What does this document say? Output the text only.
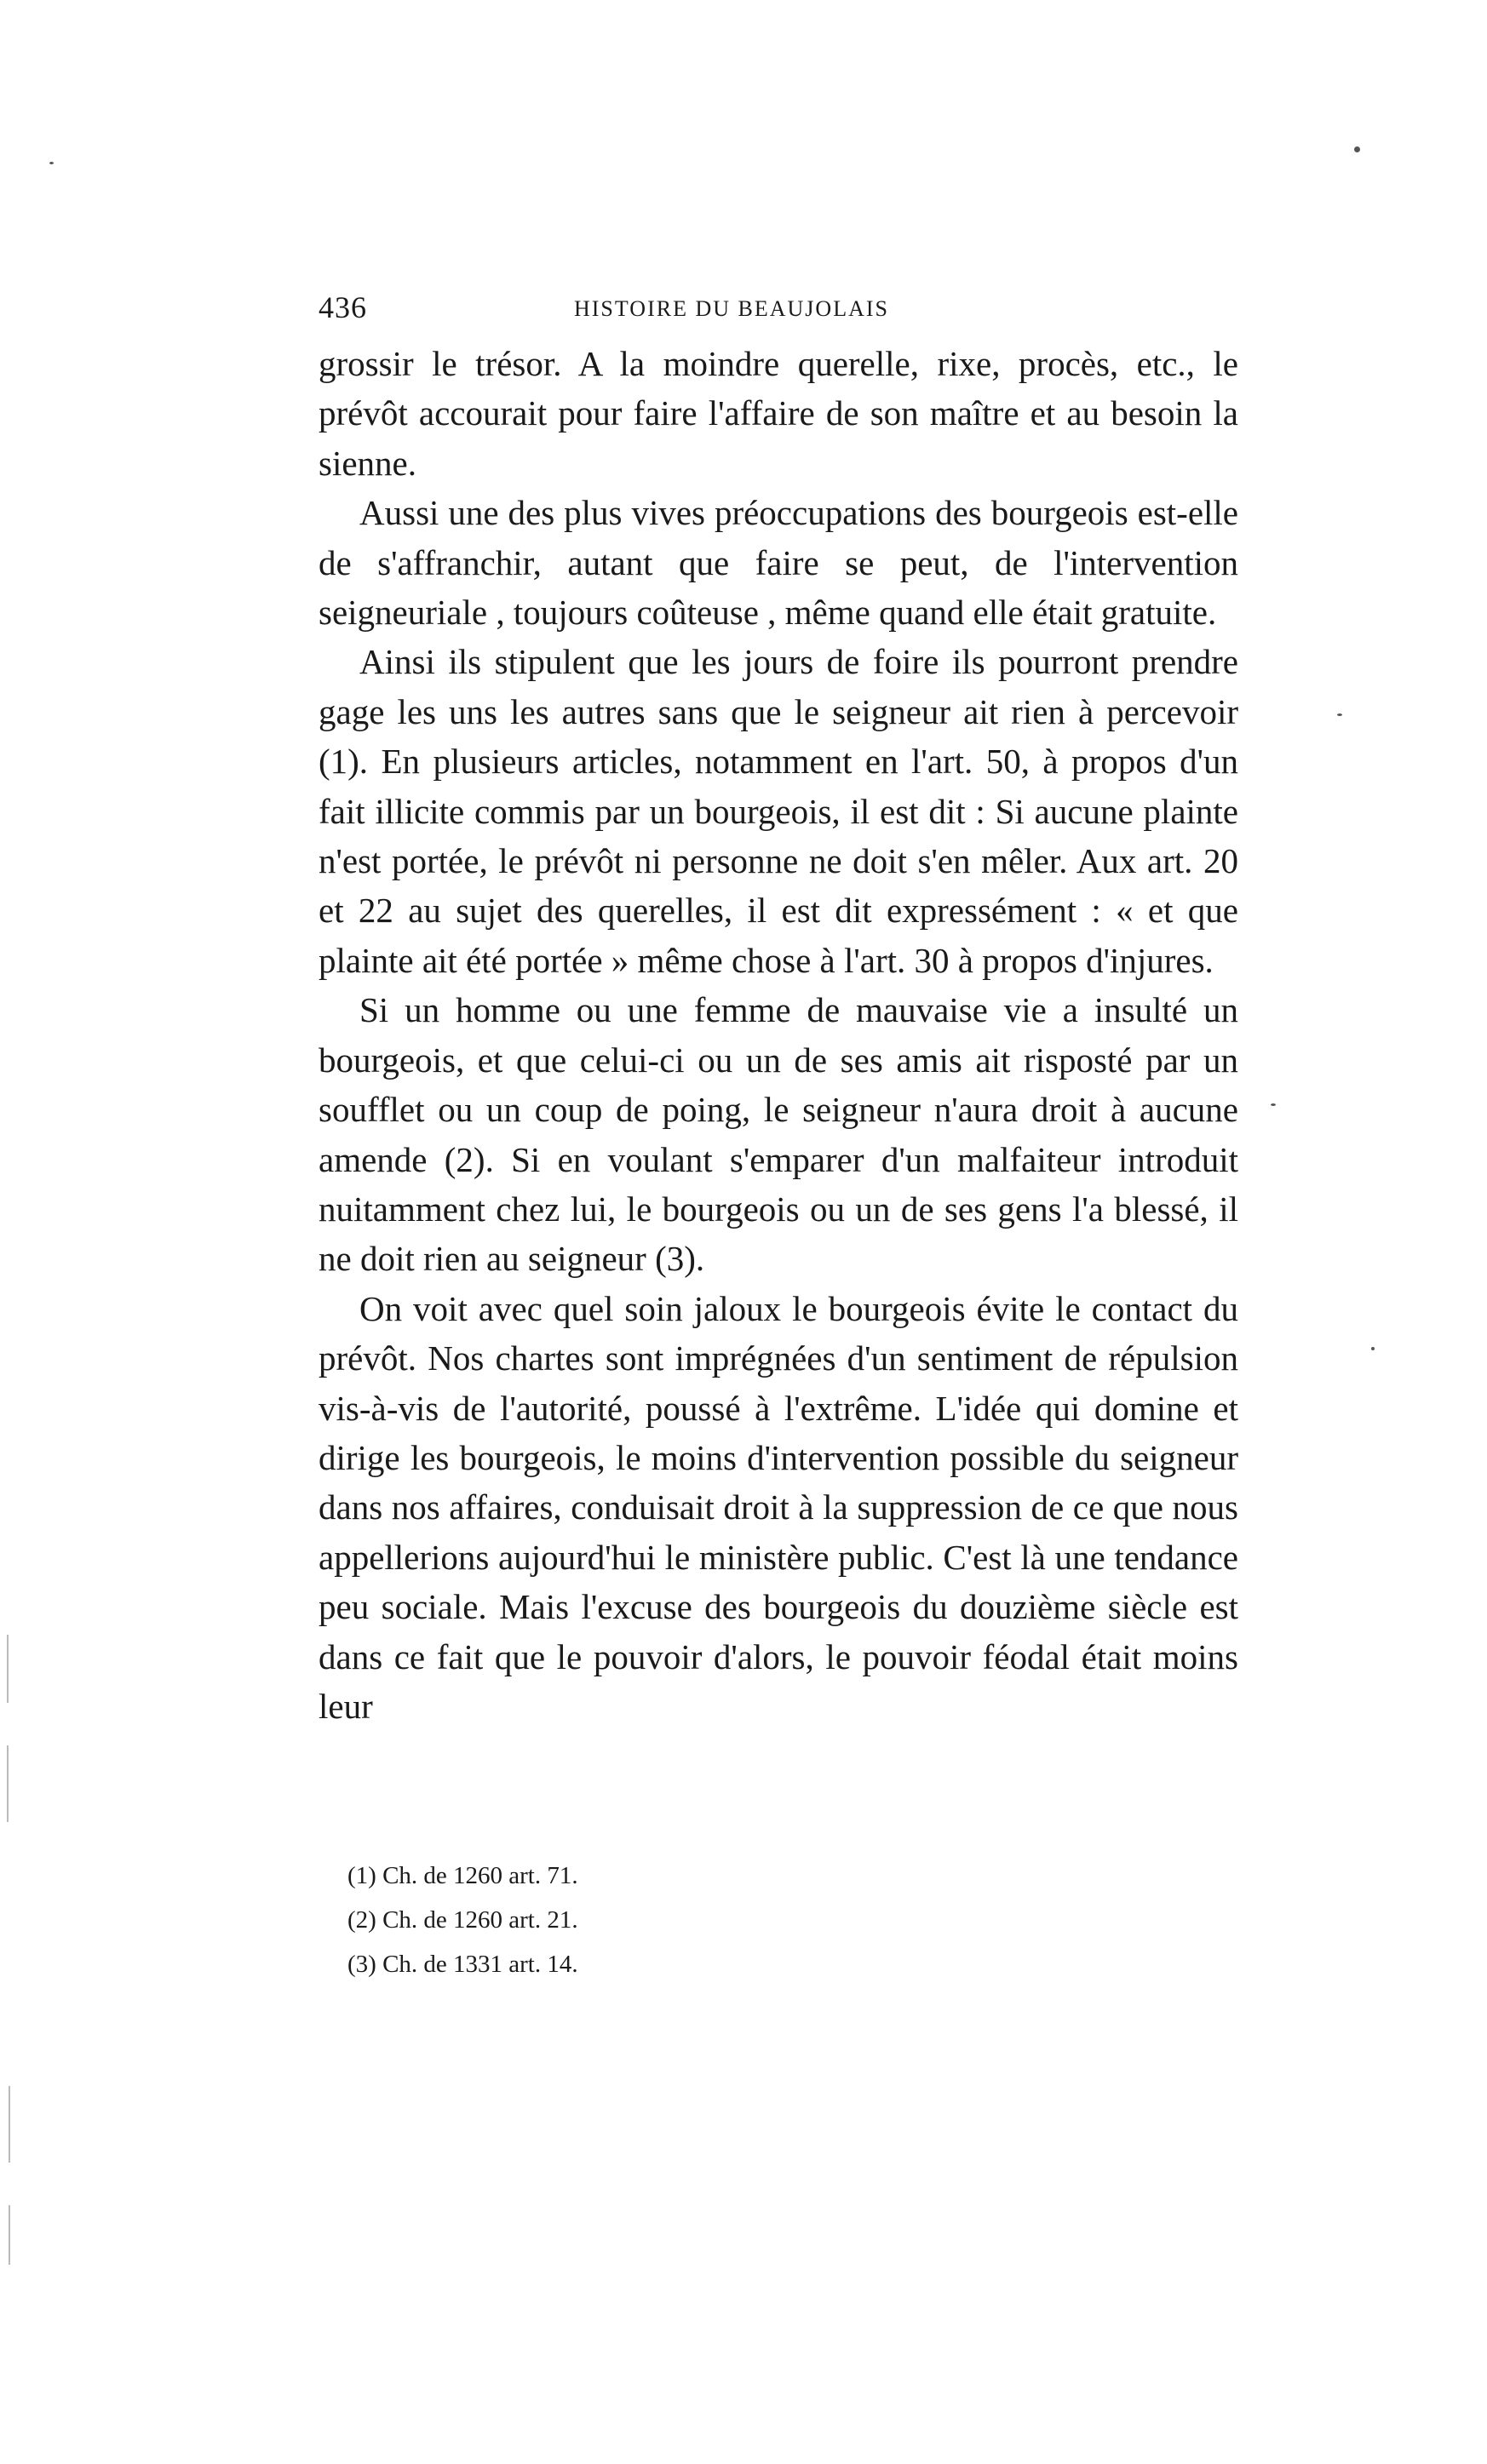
436	HISTOIRE DU BEAUJOLAIS

grossir le trésor. A la moindre querelle, rixe, procès, etc., le prévôt accourait pour faire l'affaire de son maître et au besoin la sienne.

Aussi une des plus vives préoccupations des bourgeois est-elle de s'affranchir, autant que faire se peut, de l'intervention seigneuriale , toujours coûteuse , même quand elle était gratuite.

Ainsi ils stipulent que les jours de foire ils pourront prendre gage les uns les autres sans que le seigneur ait rien à percevoir (1). En plusieurs articles, notamment en l'art. 50, à propos d'un fait illicite commis par un bourgeois, il est dit : Si aucune plainte n'est portée, le prévôt ni personne ne doit s'en mêler. Aux art. 20 et 22 au sujet des querelles, il est dit expressément : « et que plainte ait été portée » même chose à l'art. 30 à propos d'injures.

Si un homme ou une femme de mauvaise vie a insulté un bourgeois, et que celui-ci ou un de ses amis ait risposté par un soufflet ou un coup de poing, le seigneur n'aura droit à aucune amende (2). Si en voulant s'emparer d'un malfaiteur introduit nuitamment chez lui, le bourgeois ou un de ses gens l'a blessé, il ne doit rien au seigneur (3).

On voit avec quel soin jaloux le bourgeois évite le contact du prévôt. Nos chartes sont imprégnées d'un sentiment de répulsion vis-à-vis de l'autorité, poussé à l'extrême. L'idée qui domine et dirige les bourgeois, le moins d'intervention possible du seigneur dans nos affaires, conduisait droit à la suppression de ce que nous appellerions aujourd'hui le ministère public. C'est là une tendance peu sociale. Mais l'excuse des bourgeois du douzième siècle est dans ce fait que le pouvoir d'alors, le pouvoir féodal était moins leur

(1) Ch. de 1260 art. 71.

(2) Ch. de 1260 art. 21.

(3) Ch. de 1331 art. 14.
